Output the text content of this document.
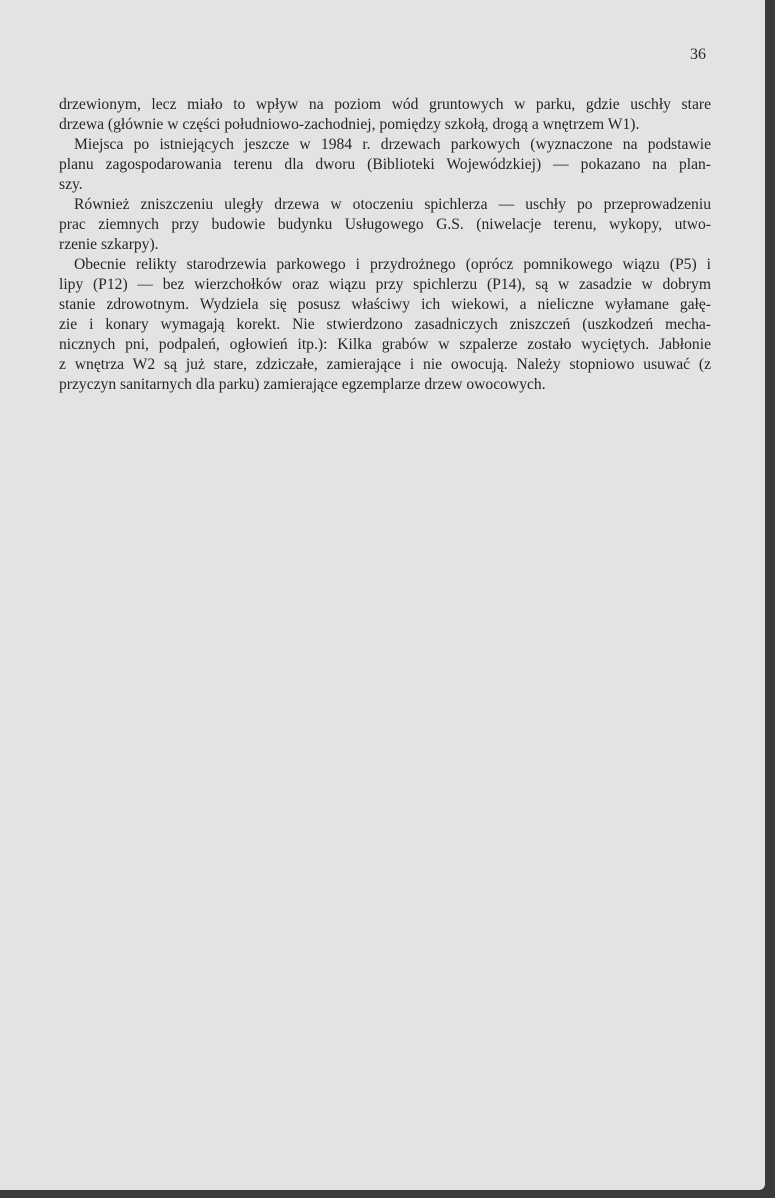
36

drzewionym, lecz miało to wpływ na poziom wód gruntowych w parku, gdzie uschły stare
drzewa (głównie w części południowo-zachodniej, pomiędzy szkołą, drogą a wnętrzem W1).

Miejsca po istniejących jeszcze w 1984 r. drzewach parkowych (wyznaczone na podstawie
planu zagospodarowania terenu dla dworu (Biblioteki Wojewódzkiej) — pokazano na plan-
szy.

Również zniszczeniu uległy drzewa w otoczeniu spichlerza — uschły po przeprowadzeniu
prac ziemnych przy budowie budynku Usługowego G.S. (niwelacje terenu, wykopy, utwo-
rzenie szkarpy).

Obecnie relikty starodrzewia parkowego i przydrożnego (oprócz pomnikowego wiązu (P5) i
lipy (P12) — bez wierzchołków oraz wiązu przy spichlerzu (P14), są w zasadzie w dobrym
stanie zdrowotnym. Wydziela się posusz właściwy ich wiekowi, a nieliczne wyłamane gałę-
zie i konary wymagają korekt. Nie stwierdzono zasadniczych zniszczeń (uszkodzeń mecha-
nicznych pni, podpaleń, ogłowień itp.): Kilka grabów w szpalerze zostało wyciętych. Jabłonie
z wnętrza W2 są już stare, zdziczałe, zamierające i nie owocują. Należy stopniowo usuwać (z
przyczyn sanitarnych dla parku) zamierające egzemplarze drzew owocowych.
